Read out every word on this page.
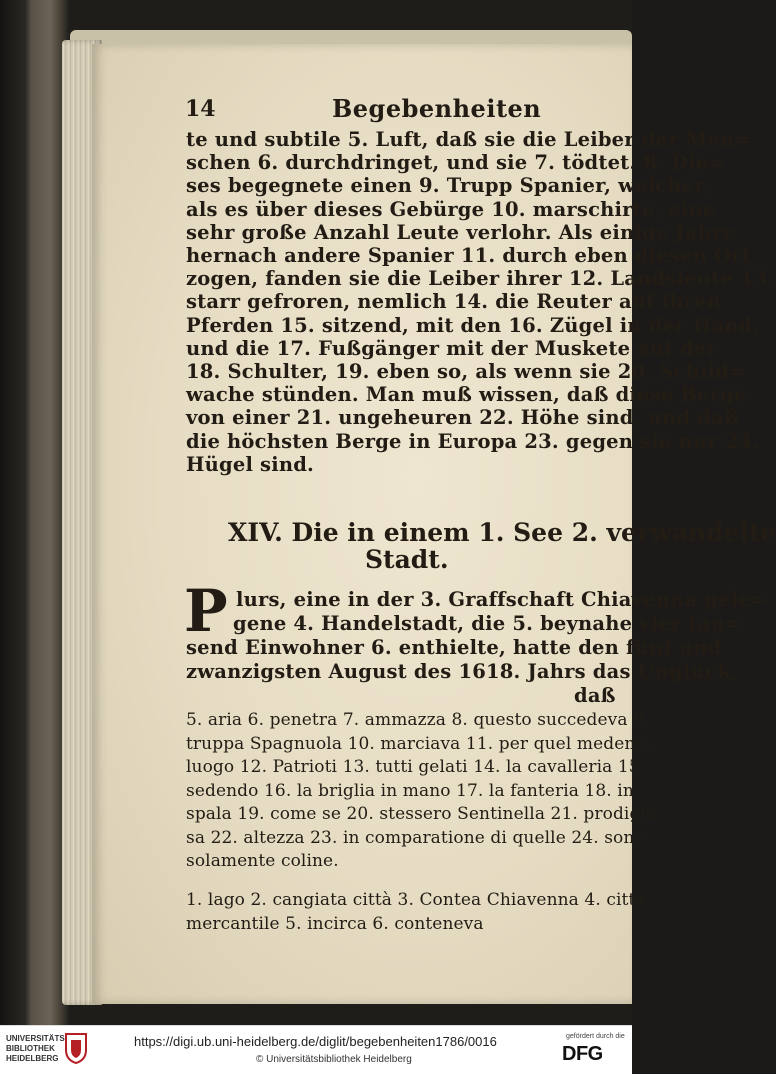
14	Begebenheiten
te und subtile 5. Luft, daß sie die Leiber der Men=
schen 6. durchdringet, und sie 7. tödtet. 8. Die=
ses begegnete einen 9. Trupp Spanier, welcher,
als es über dieses Gebürge 10. marschirte, eine
sehr große Anzahl Leute verlohr. Als einige Jahre
hernach andere Spanier 11. durch eben diesen Ort
zogen, fanden sie die Leiber ihrer 12. Landsleute 13.
starr gefroren, nemlich 14. die Reuter auf ihren
Pferden 15. sitzend, mit den 16. Zügel in der Hand,
und die 17. Fußgänger mit der Muskete auf der
18. Schulter, 19. eben so, als wenn sie 20. Schild=
wache stünden. Man muß wissen, daß diese Berge
von einer 21. ungeheuren 22. Höhe sind, und daß
die höchsten Berge in Europa 23. gegen sie nur 24.
Hügel sind.
XIV. Die in einem 1. See 2. verwandelte
Stadt.
P lurs, eine in der 3. Graffschaft Chiavenna gele=
gene 4. Handelstadt, die 5. beynahe vier tau=
send Einwohner 6. enthielte, hatte den fünf und
zwanzigsten August des 1618. Jahrs das Unglück,
daß
5. aria 6. penetra 7. ammazza 8. questo succedeva 9.
truppa Spagnuola 10. marciava 11. per quel medemo
luogo 12. Patrioti 13. tutti gelati 14. la cavalleria 15.
sedendo 16. la briglia in mano 17. la fanteria 18. in
spala 19. come se 20. stessero Sentinella 21. prodigio-
sa 22. altezza 23. in comparatione di quelle 24. sono
solamente coline.
1. lago 2. cangiata città 3. Contea Chiavenna 4. città
mercantile 5. incirca 6. conteneva
UNIVERSITÄTS-
BIBLIOTHEK
HEIDELBERG
https://digi.ub.uni-heidelberg.de/diglit/begebenheiten1786/0016
© Universitätsbibliothek Heidelberg
gefördert durch die
DFG
